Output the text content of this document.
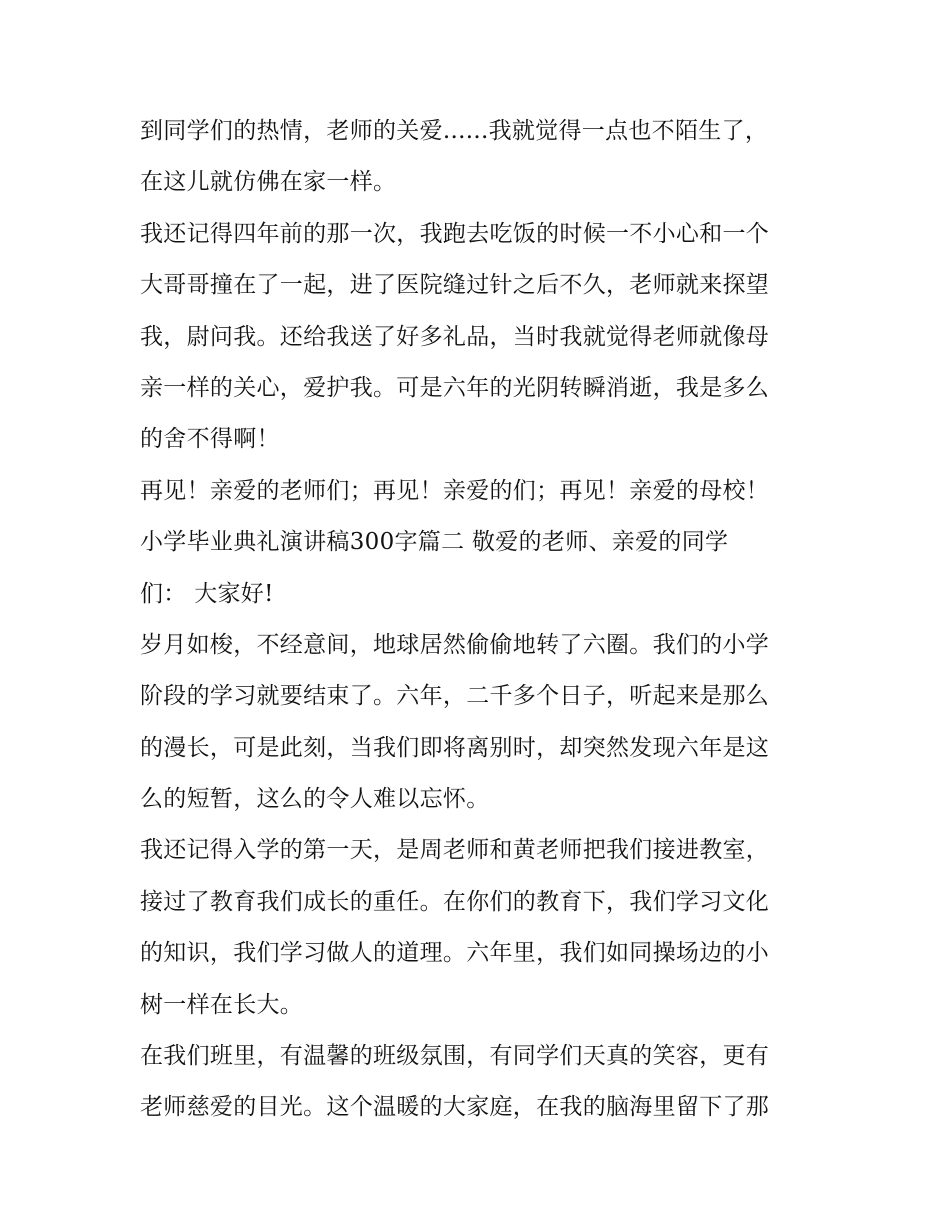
到同学们的热情，老师的关爱......我就觉得一点也不陌生了，
在这儿就仿佛在家一样。
我还记得四年前的那一次，我跑去吃饭的时候一不小心和一个
大哥哥撞在了一起，进了医院缝过针之后不久，老师就来探望
我，尉问我。还给我送了好多礼品，当时我就觉得老师就像母
亲一样的关心，爱护我。可是六年的光阴转瞬消逝，我是多么
的舍不得啊！
再见！亲爱的老师们；再见！亲爱的们；再见！亲爱的母校！
小学毕业典礼演讲稿300字篇二 敬爱的老师、亲爱的同学
们： 大家好!
岁月如梭，不经意间，地球居然偷偷地转了六圈。我们的小学
阶段的学习就要结束了。六年，二千多个日子，听起来是那么
的漫长，可是此刻，当我们即将离别时，却突然发现六年是这
么的短暂，这么的令人难以忘怀。
我还记得入学的第一天，是周老师和黄老师把我们接进教室，
接过了教育我们成长的重任。在你们的教育下，我们学习文化
的知识，我们学习做人的道理。六年里，我们如同操场边的小
树一样在长大。
在我们班里，有温馨的班级氛围，有同学们天真的笑容，更有
老师慈爱的目光。这个温暖的大家庭，在我的脑海里留下了那
